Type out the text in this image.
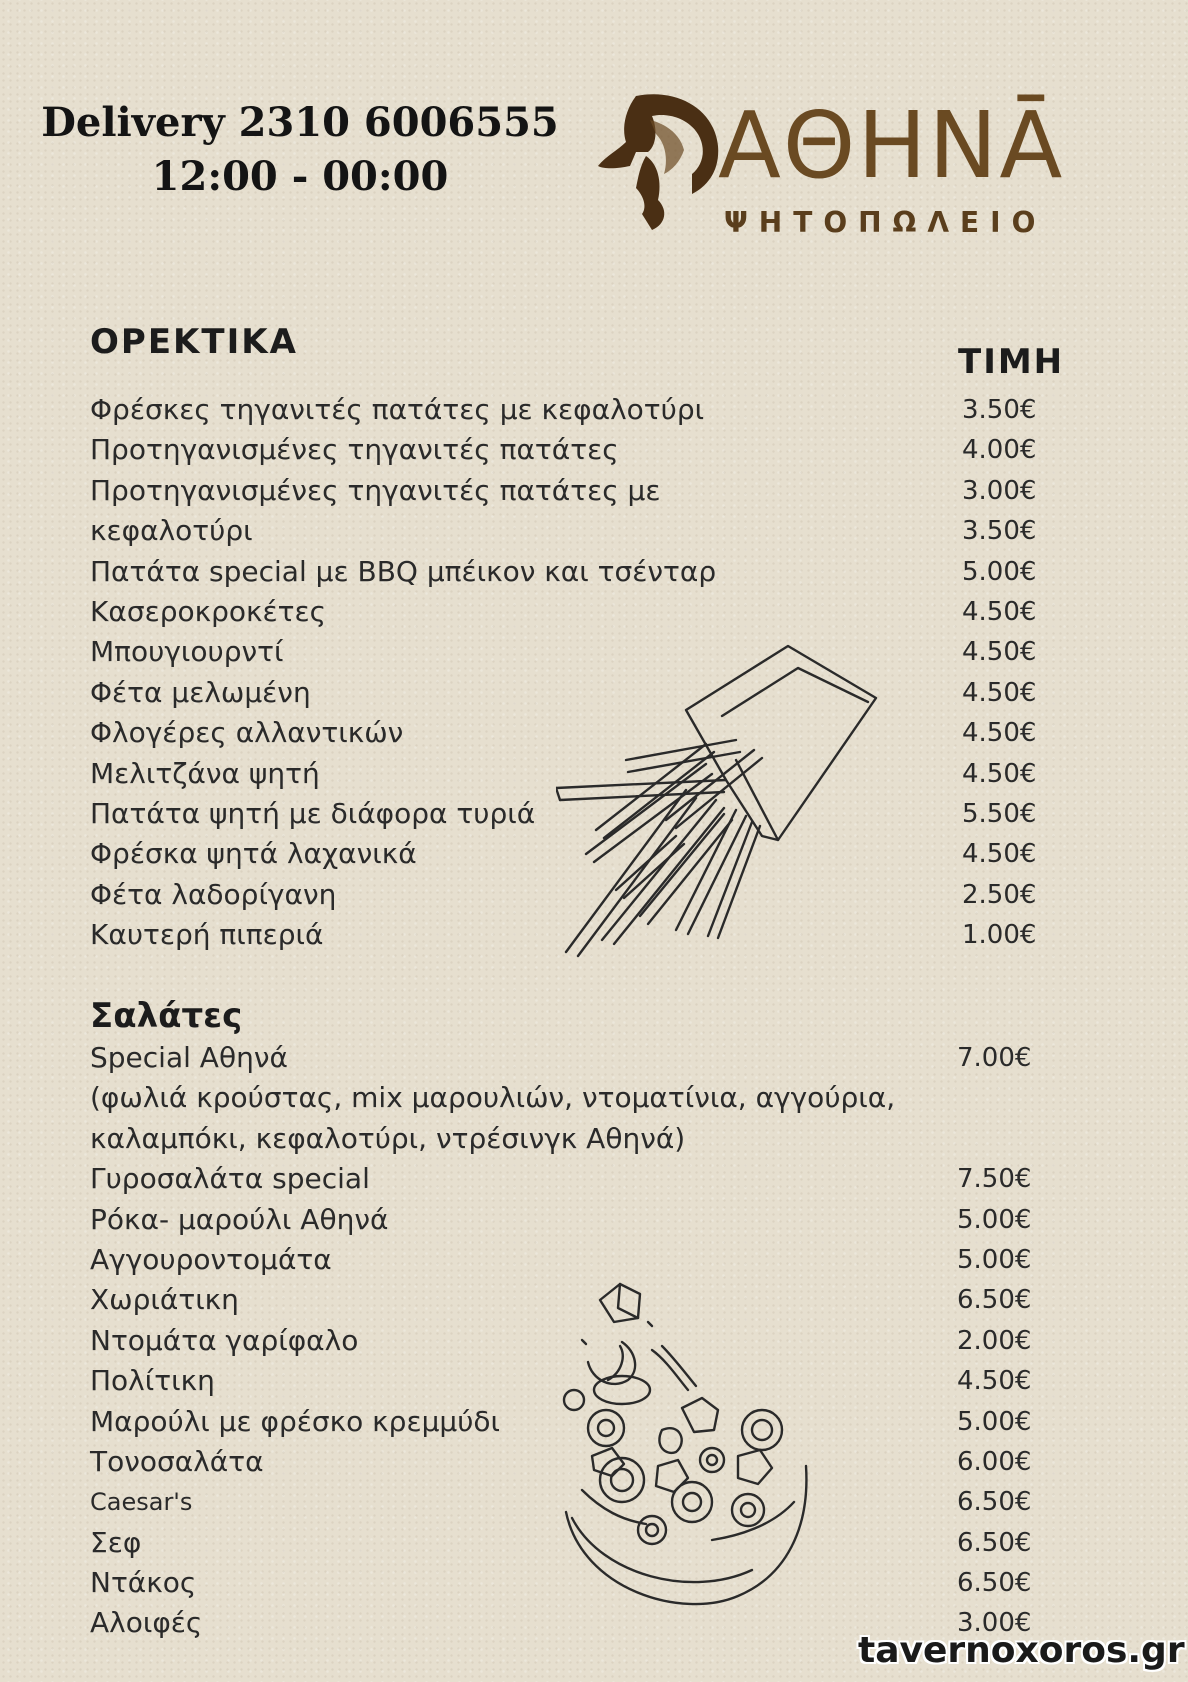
Delivery 2310 6006555
12:00 - 00:00	ΑΘΗΝᾹ
ΨΗΤΟΠΩΛΕΙΟ
ΟΡΕΚΤΙΚΑ	ΤΙΜΗ
Φρέσκες τηγανιτές πατάτες με κεφαλοτύρι	3.50€
Προτηγανισμένες τηγανιτές πατάτες	4.00€
Προτηγανισμένες τηγανιτές πατάτες με	3.00€
κεφαλοτύρι	3.50€
Πατάτα special με BBQ μπέικον και τσένταρ	5.00€
Κασεροκροκέτες	4.50€
Μπουγιουρντί	4.50€
Φέτα μελωμένη	4.50€
Φλογέρες αλλαντικών	4.50€
Μελιτζάνα ψητή	4.50€
Πατάτα ψητή με διάφορα τυριά	5.50€
Φρέσκα ψητά λαχανικά	4.50€
Φέτα λαδορίγανη	2.50€
Καυτερή πιπεριά	1.00€
Σαλάτες
Special Αθηνά	7.00€
(φωλιά κρούστας, mix μαρουλιών, ντοματίνια, αγγούρια,
καλαμπόκι, κεφαλοτύρι, ντρέσινγκ Αθηνά)
Γυροσαλάτα special	7.50€
Ρόκα- μαρούλι Αθηνά	5.00€
Αγγουροντομάτα	5.00€
Χωριάτικη	6.50€
Ντομάτα γαρίφαλο	2.00€
Πολίτικη	4.50€
Μαρούλι με φρέσκο κρεμμύδι	5.00€
Τονοσαλάτα	6.00€
Caesar's	6.50€
Σεφ	6.50€
Ντάκος	6.50€
Αλοιφές	3.00€
tavernoxoros.gr
